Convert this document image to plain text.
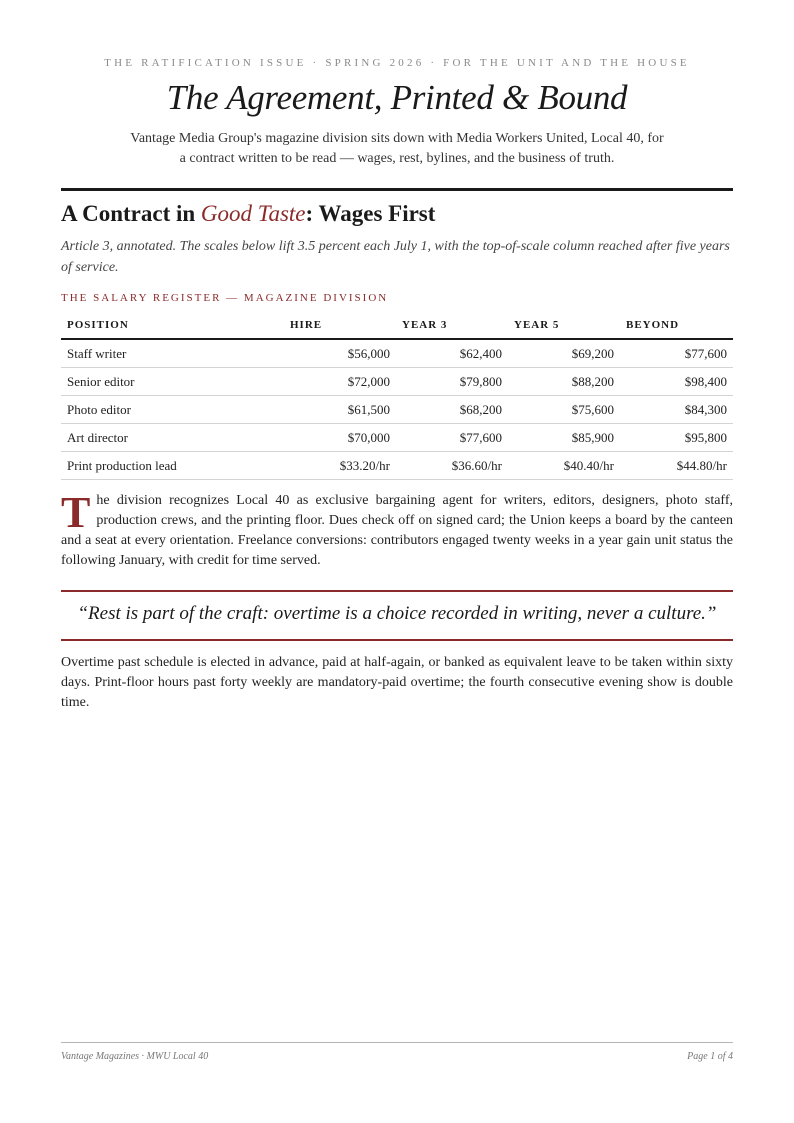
THE RATIFICATION ISSUE · SPRING 2026 · FOR THE UNIT AND THE HOUSE
The Agreement, Printed & Bound
Vantage Media Group's magazine division sits down with Media Workers United, Local 40, for
a contract written to be read — wages, rest, bylines, and the business of truth.
A Contract in Good Taste: Wages First
Article 3, annotated. The scales below lift 3.5 percent each July 1, with the top-of-scale column reached after five years of service.
THE SALARY REGISTER — MAGAZINE DIVISION
POSITION	HIRE	YEAR 3	YEAR 5	BEYOND
Staff writer	$56,000	$62,400	$69,200	$77,600
Senior editor	$72,000	$79,800	$88,200	$98,400
Photo editor	$61,500	$68,200	$75,600	$84,300
Art director	$70,000	$77,600	$85,900	$95,800
Print production lead	$33.20/hr	$36.60/hr	$40.40/hr	$44.80/hr

The division recognizes Local 40 as exclusive bargaining agent for writers, editors, designers, photo staff, production crews, and the printing floor. Dues check off on signed card; the Union keeps a board by the canteen and a seat at every orientation. Freelance conversions: contributors engaged twenty weeks in a year gain unit status the following January, with credit for time served.

“Rest is part of the craft: overtime is a choice recorded in writing, never a culture.”

Overtime past schedule is elected in advance, paid at half-again, or banked as equivalent leave to be taken within sixty days. Print-floor hours past forty weekly are mandatory-paid overtime; the fourth consecutive evening show is double time.

Vantage Magazines · MWU Local 40	Page 1 of 4
